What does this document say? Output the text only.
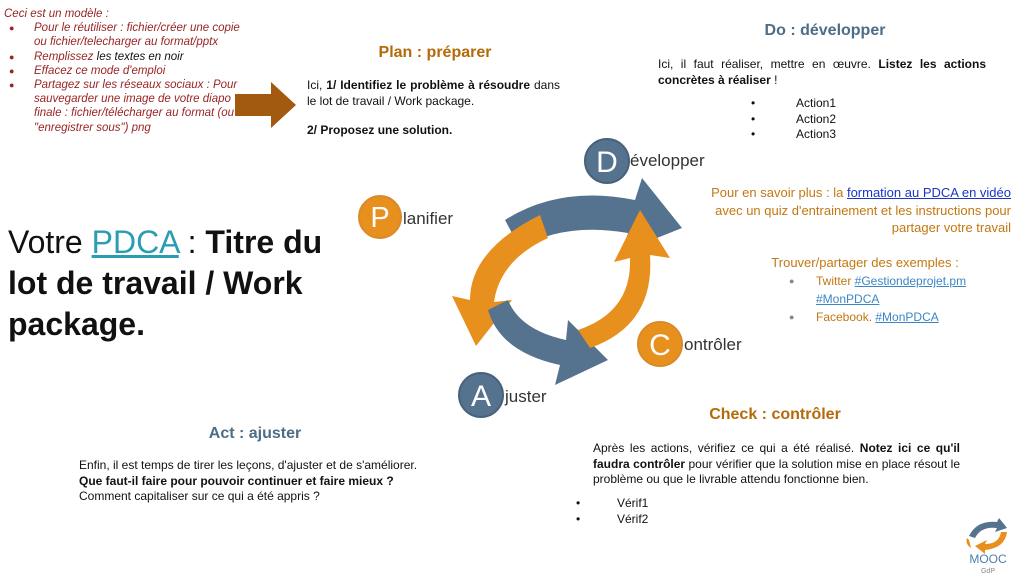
Ceci est un modèle :
● Pour le réutiliser : fichier/créer une copie ou fichier/telecharger au format/pptx
● Remplissez les textes en noir
● Effacez ce mode d'emploi
● Partagez sur les réseaux sociaux : Pour sauvegarder une image de votre diapo finale : fichier/télécharger au format (ou "enregistrer sous") png
Plan : préparer

Ici, 1/ Identifiez le problème à résoudre dans le lot de travail / Work package.

2/ Proposez une solution.

Do : développer
Ici, il faut réaliser, mettre en œuvre. Listez les actions concrètes à réaliser !
• Action1
• Action2
• Action3
Pour en savoir plus : la formation au PDCA en vidéo avec un quiz d'entrainement et les instructions pour partager votre travail
Trouver/partager des exemples :
● Twitter #Gestiondeprojet.pm
#MonPDCA
● Facebook. #MonPDCA
Votre PDCA : Titre du lot de travail / Work package.
P lanifier
D évelopper
C ontrôler
A juster
Act : ajuster
Enfin, il est temps de tirer les leçons, d'ajuster et de s'améliorer. Que faut-il faire pour pouvoir continuer et faire mieux ? Comment capitaliser sur ce qui a été appris ?
Check : contrôler
Après les actions, vérifiez ce qui a été réalisé. Notez ici ce qu'il faudra contrôler pour vérifier que la solution mise en place résout le problème ou que le livrable attendu fonctionne bien.
• Vérif1
• Vérif2
MOOC
GdP
